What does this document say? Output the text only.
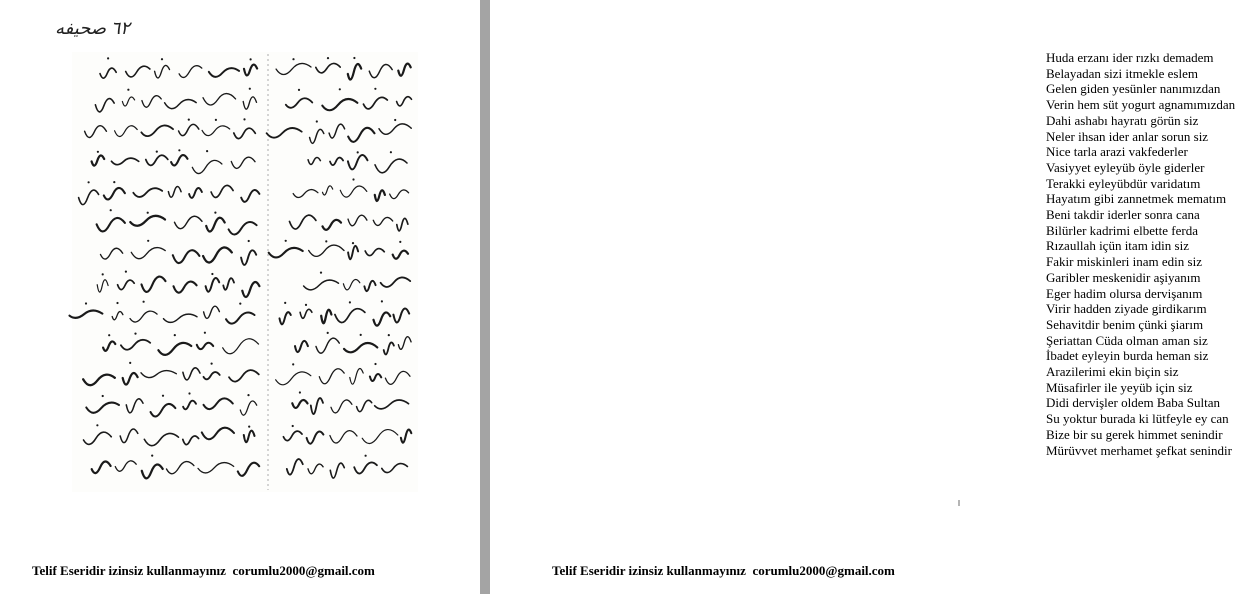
٦٢ صحیفه
Telif Eseridir izinsiz kullanmayınız corumlu2000@gmail.com
Huda erzanı ider rızkı demadem
Belayadan sizi itmekle eslem
Gelen giden yesünler nanımızdan
Verin hem süt yogurt agnamımızdan
Dahi ashabı hayratı görün siz
Neler ihsan ider anlar sorun siz
Nice tarla arazi vakfederler
Vasiyyet eyleyüb öyle giderler
Terakki eyleyübdür varidatım
Hayatım gibi zannetmek mematım
Beni takdir iderler sonra cana
Bilürler kadrimi elbette ferda
Rızaullah içün itam idin siz
Fakir miskinleri inam edin siz
Garibler meskenidir aşiyanım
Eger hadim olursa dervişanım
Virir hadden ziyade girdikarım
Sehavitdir benim çünki şiarım
Şeriattan Cüda olman aman siz
İbadet eyleyin burda heman siz
Arazilerimi ekin biçin siz
Müsafirler ile yeyüb için siz
Didi dervişler oldem Baba Sultan
Su yoktur burada ki lütfeyle ey can
Bize bir su gerek himmet senindir
Mürüvvet merhamet şefkat senindir
Telif Eseridir izinsiz kullanmayınız corumlu2000@gmail.com
